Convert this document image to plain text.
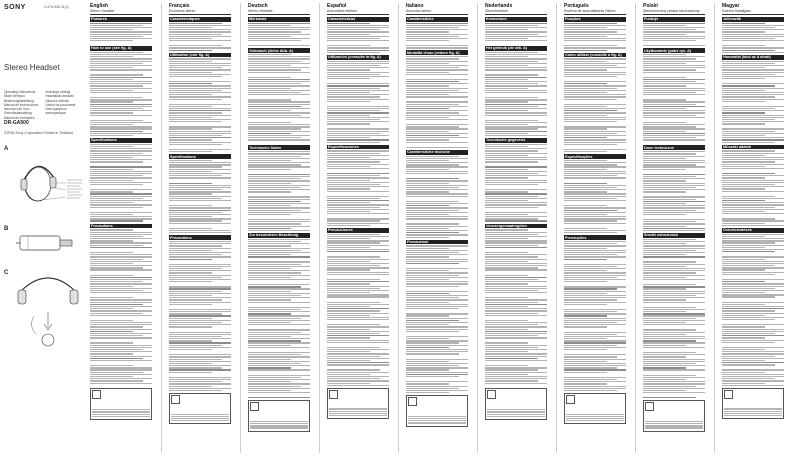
SONY	4-476-930-11(1)
Stereo Headset
Operating Instructions
Mode d'emploi
Bedienungsanleitung
Manual de instrucciones
Istruzioni per l'uso
Gebruiksaanwijzing
Manual de instruções
Instrukcja obsługi
Használati útmutató
Návod k obsluze
Návod na používanie
Инструкция по эксплуатации
DR-GA500
©2016 Sony Corporation Printed in Thailand
A
B
C
English
Stereo Headset
Features
How to use (see fig. A)
Specifications
Precautions
Français
Ecouteurs stéréo
Caractéristiques
Utilisation (voir fig. A)
Spécifications
Précautions
Deutsch
Stereo-Headset
Merkmale
Gebrauch (siehe Abb. A)
Technische Daten
Zur besonderen Beachtung
Español
Auriculares estéreo
Características
Utilización (consulte la fig. A)
Especificaciones
Precauciones
Italiano
Auricolari stereo
Caratteristiche
Modalità d'uso (vedere fig. A)
Caratteristiche tecniche
Precauzioni
Nederlands
Stereoheadset
Kenmerken
Het gebruik (zie afb. A)
Technische gegevens
Voorzorgsmaatregelen
Português
Sistema de auscultadores Stereo
Funções
Como utilizar (consulte a fig. A)
Especificações
Precauções
Polski
Stereofoniczny zestaw słuchawkowy
Funkcje
Użytkowanie (patrz rys. A)
Dane techniczne
Środki ostrożności
Magyar
Sztereó fejhallgató
Jellemzők
Használat (lásd az A ábrát)
Műszaki adatok
Óvintézkedések
